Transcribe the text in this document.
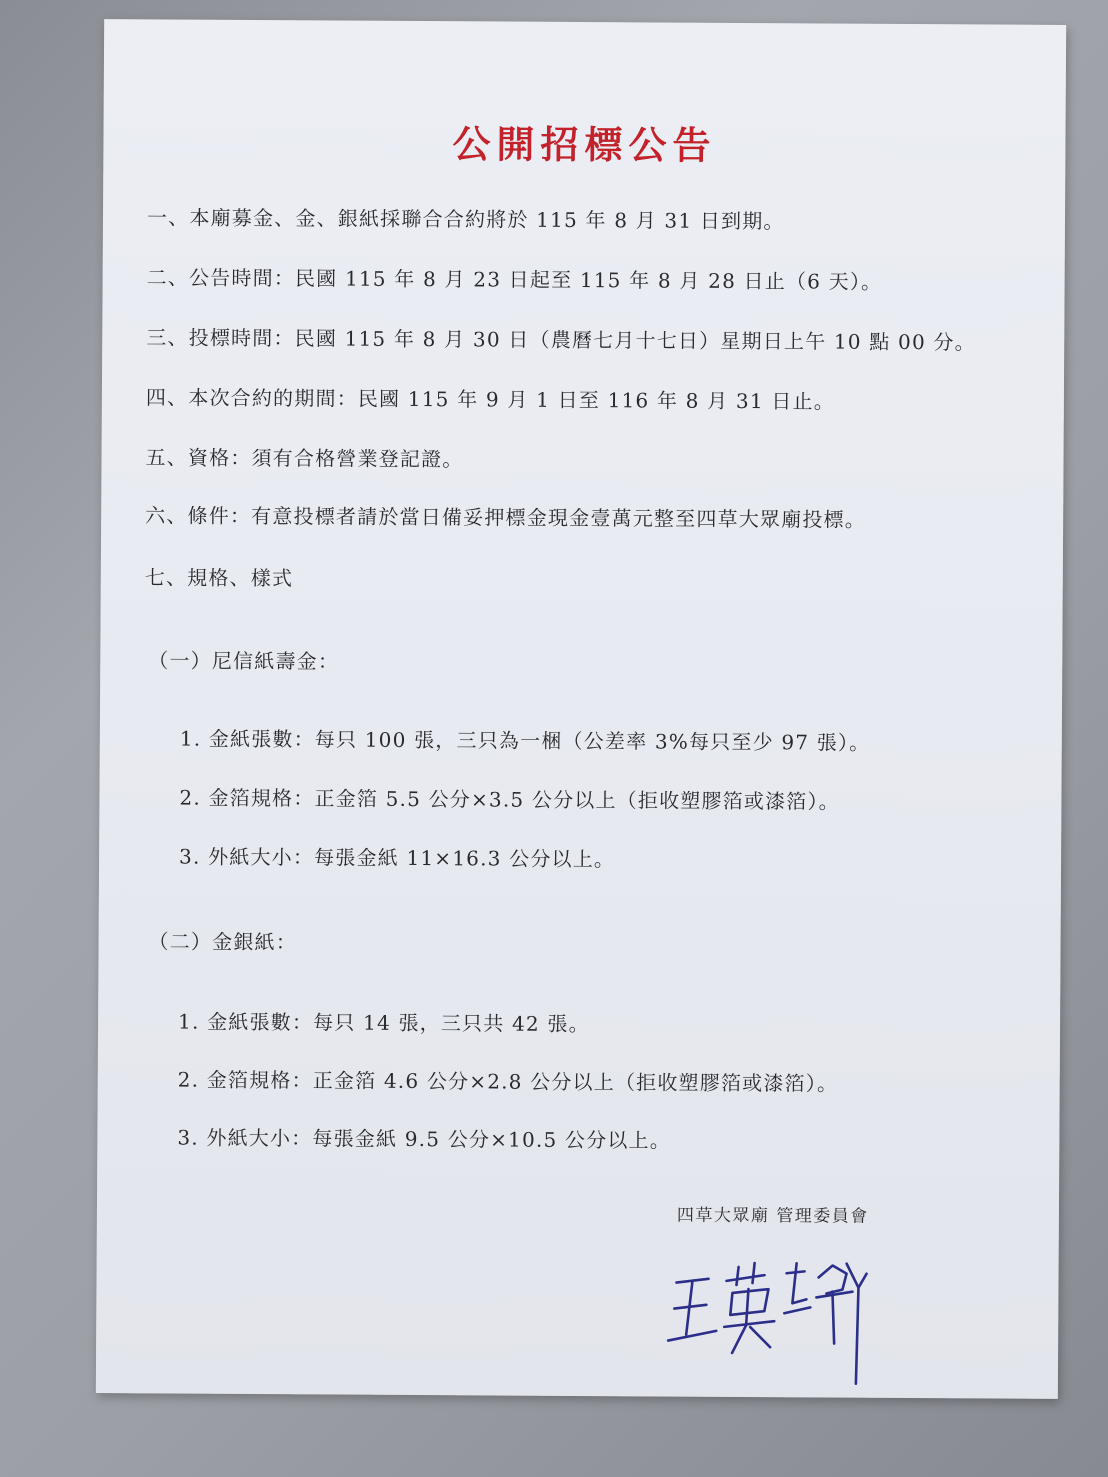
公開招標公告
一、本廟募金、金、銀紙採聯合合約將於 115 年 8 月 31 日到期。
二、公告時間：民國 115 年 8 月 23 日起至 115 年 8 月 28 日止（6 天）。
三、投標時間：民國 115 年 8 月 30 日（農曆七月十七日）星期日上午 10 點 00 分。
四、本次合約的期間：民國 115 年 9 月 1 日至 116 年 8 月 31 日止。
五、資格：須有合格營業登記證。
六、條件：有意投標者請於當日備妥押標金現金壹萬元整至四草大眾廟投標。
七、規格、樣式
（一）尼信紙壽金：
1. 金紙張數：每只 100 張，三只為一梱（公差率 3%每只至少 97 張）。
2. 金箔規格：正金箔 5.5 公分×3.5 公分以上（拒收塑膠箔或漆箔）。
3. 外紙大小：每張金紙 11×16.3 公分以上。
（二）金銀紙：
1. 金紙張數：每只 14 張，三只共 42 張。
2. 金箔規格：正金箔 4.6 公分×2.8 公分以上（拒收塑膠箔或漆箔）。
3. 外紙大小：每張金紙 9.5 公分×10.5 公分以上。
四草大眾廟 管理委員會
